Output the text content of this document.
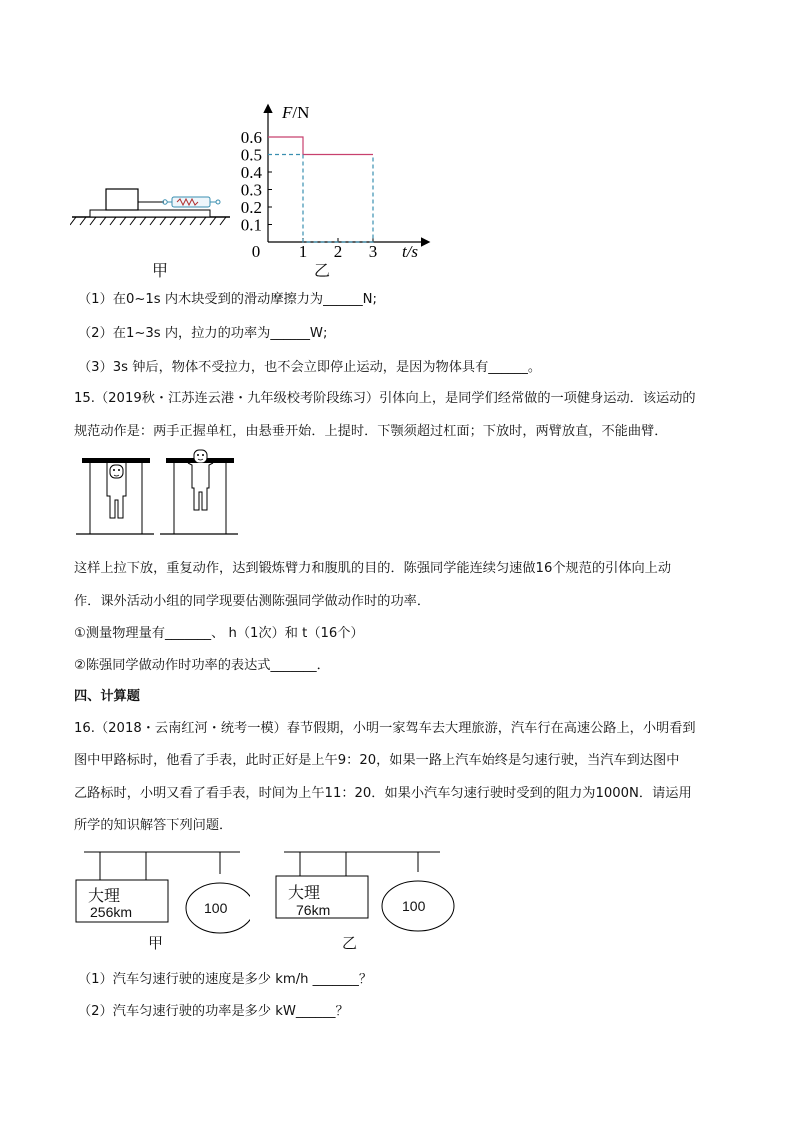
甲
F/N
t/s
0.1
0.2
0.3
0.4
0.5
0.6
0 1 2 3
乙
（1）在0~1s 内木块受到的滑动摩擦力为______N;
（2）在1~3s 内，拉力的功率为______W;
（3）3s 钟后，物体不受拉力，也不会立即停止运动，是因为物体具有______。
15.（2019秋・江苏连云港・九年级校考阶段练习）引体向上，是同学们经常做的一项健身运动．该运动的
规范动作是：两手正握单杠，由悬垂开始．上提时．下颚须超过杠面；下放时，两臂放直，不能曲臂．
这样上拉下放，重复动作，达到锻炼臂力和腹肌的目的．陈强同学能连续匀速做16个规范的引体向上动
作．课外活动小组的同学现要估测陈强同学做动作时的功率．
①测量物理量有_______、 h（1次）和 t（16个）
②陈强同学做动作时功率的表达式_______．
四、计算题
16.（2018・云南红河・统考一模）春节假期，小明一家驾车去大理旅游，汽车行在高速公路上，小明看到
图中甲路标时，他看了手表，此时正好是上午9：20，如果一路上汽车始终是匀速行驶，当汽车到达图中
乙路标时，小明又看了看手表，时间为上午11：20．如果小汽车匀速行驶时受到的阻力为1000N．请运用
所学的知识解答下列问题．
大理
256km	100
甲
大理
76km	100
乙
（1）汽车匀速行驶的速度是多少 km/h _______？
（2）汽车匀速行驶的功率是多少 kW______？
